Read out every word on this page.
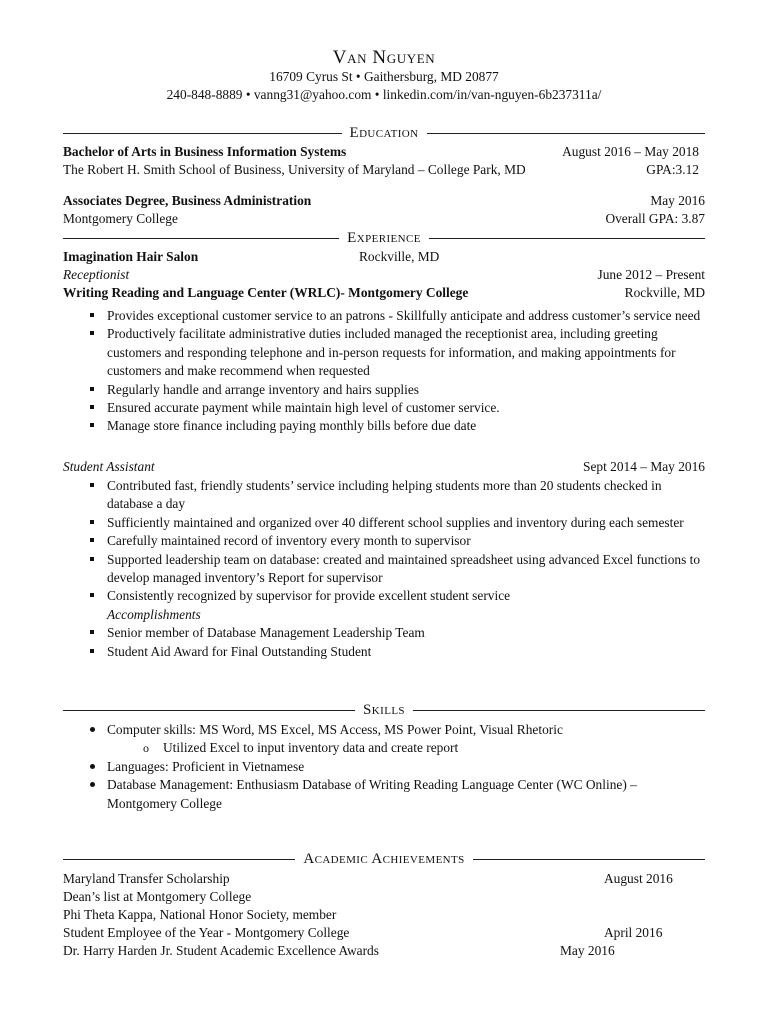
Van Nguyen
16709 Cyrus St • Gaithersburg, MD 20877
240-848-8889 • vanng31@yahoo.com • linkedin.com/in/van-nguyen-6b237311a/
Education
Bachelor of Arts in Business Information Systems	August 2016 – May 2018
The Robert H. Smith School of Business, University of Maryland – College Park, MD	GPA:3.12
Associates Degree, Business Administration	May 2016
Montgomery College	Overall GPA: 3.87
Experience
Imagination Hair Salon	Rockville, MD
Receptionist	June 2012 – Present
Writing Reading and Language Center (WRLC)- Montgomery College	Rockville, MD
Provides exceptional customer service to an patrons - Skillfully anticipate and address customer’s service need
Productively facilitate administrative duties included managed the receptionist area, including greeting customers and responding telephone and in-person requests for information, and making appointments for customers and make recommend when requested
Regularly handle and arrange inventory and hairs supplies
Ensured accurate payment while maintain high level of customer service.
Manage store finance including paying monthly bills before due date
Student Assistant	Sept 2014 – May 2016
Contributed fast, friendly students’ service including helping students more than 20 students checked in database a day
Sufficiently maintained and organized over 40 different school supplies and inventory during each semester
Carefully maintained record of inventory every month to supervisor
Supported leadership team on database: created and maintained spreadsheet using advanced Excel functions to develop managed inventory’s Report for supervisor
Consistently recognized by supervisor for provide excellent student service
Accomplishments
Senior member of Database Management Leadership Team
Student Aid Award for Final Outstanding Student
Skills
Computer skills: MS Word, MS Excel, MS Access, MS Power Point, Visual Rhetoric
o Utilized Excel to input inventory data and create report
Languages: Proficient in Vietnamese
Database Management: Enthusiasm Database of Writing Reading Language Center (WC Online) – Montgomery College
Academic Achievements
Maryland Transfer Scholarship	August 2016
Dean’s list at Montgomery College
Phi Theta Kappa, National Honor Society, member
Student Employee of the Year - Montgomery College	April 2016
Dr. Harry Harden Jr. Student Academic Excellence Awards	May 2016
